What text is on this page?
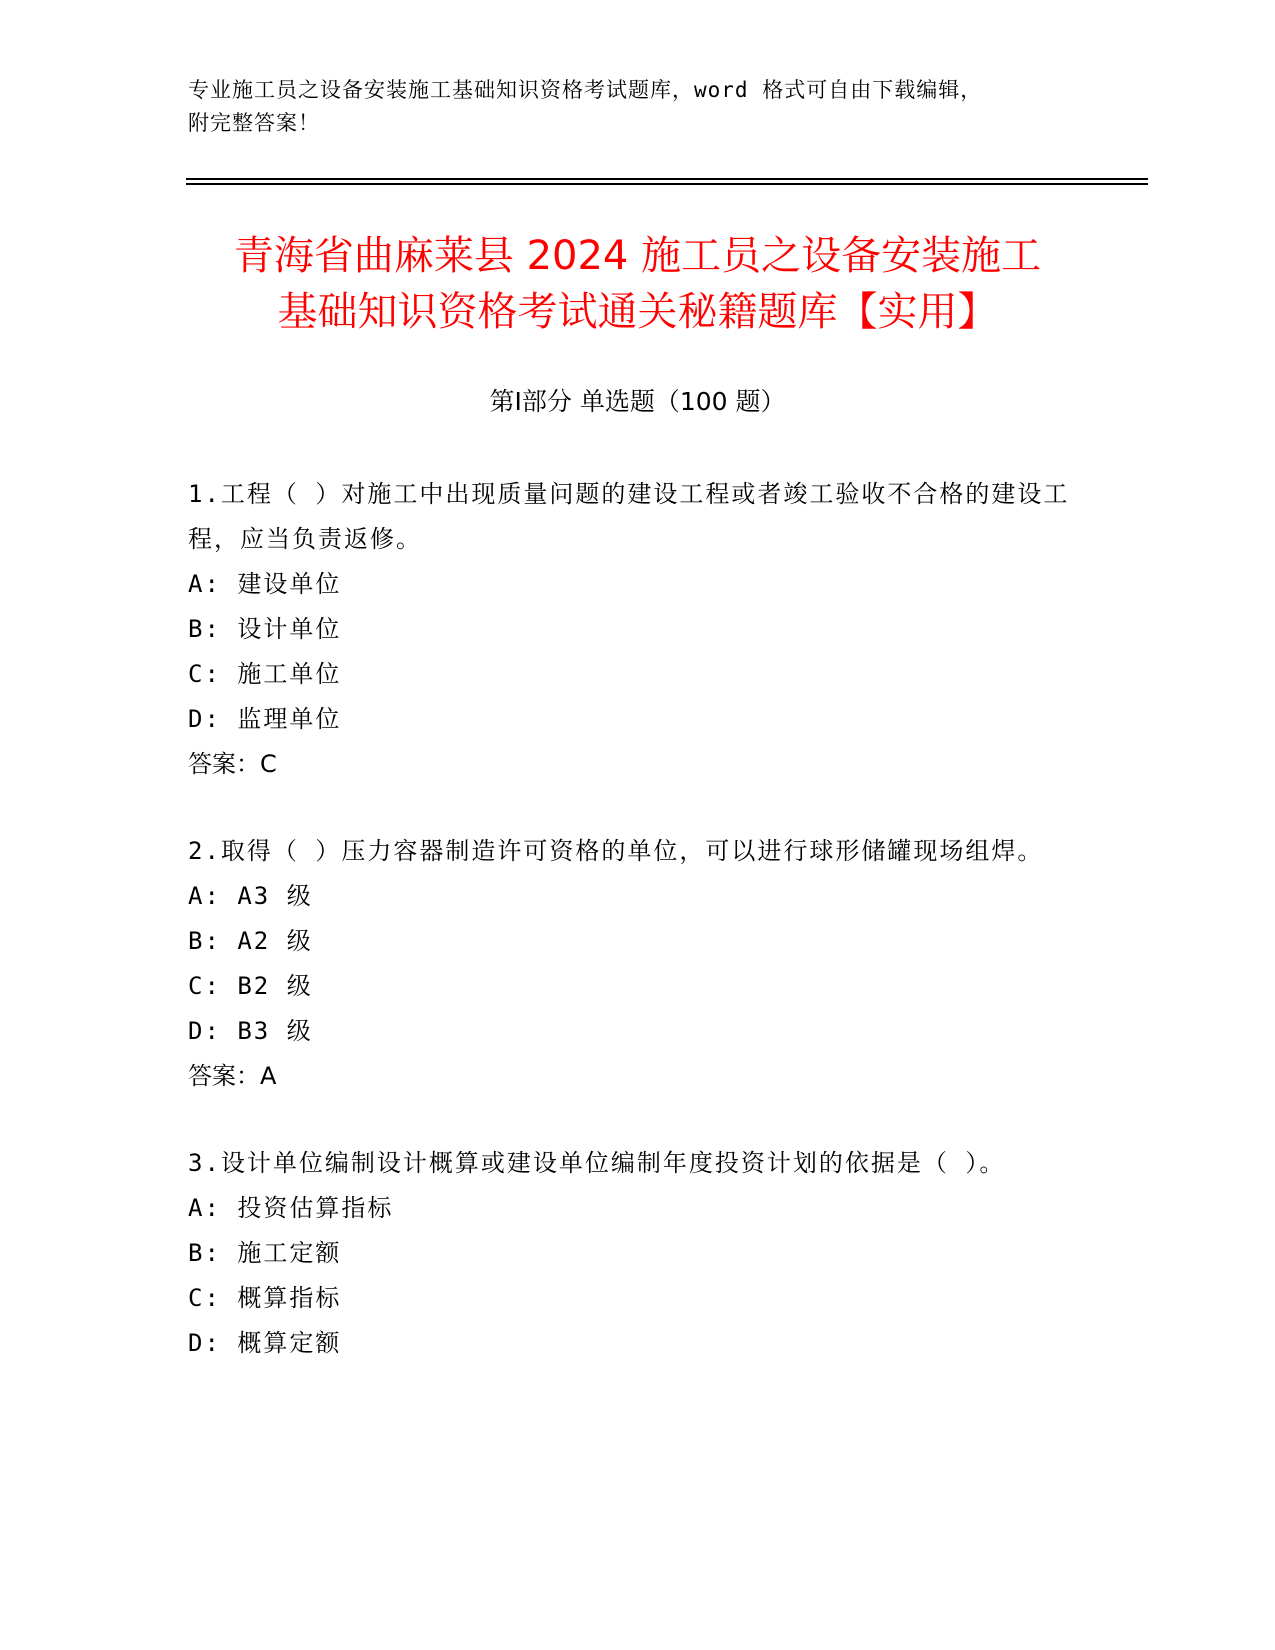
专业施工员之设备安装施工基础知识资格考试题库，word 格式可自由下载编辑，
附完整答案！
青海省曲麻莱县 2024 施工员之设备安装施工
基础知识资格考试通关秘籍题库【实用】
第Ⅰ部分 单选题（100 题）

1.工程（ ）对施工中出现质量问题的建设工程或者竣工验收不合格的建设工程，应当负责返修。

A: 建设单位

B: 设计单位

C: 施工单位

D: 监理单位

答案：C

2.取得（ ）压力容器制造许可资格的单位，可以进行球形储罐现场组焊。

A: A3 级

B: A2 级

C: B2 级

D: B3 级

答案：A

3.设计单位编制设计概算或建设单位编制年度投资计划的依据是（ ）。

A: 投资估算指标

B: 施工定额

C: 概算指标

D: 概算定额
